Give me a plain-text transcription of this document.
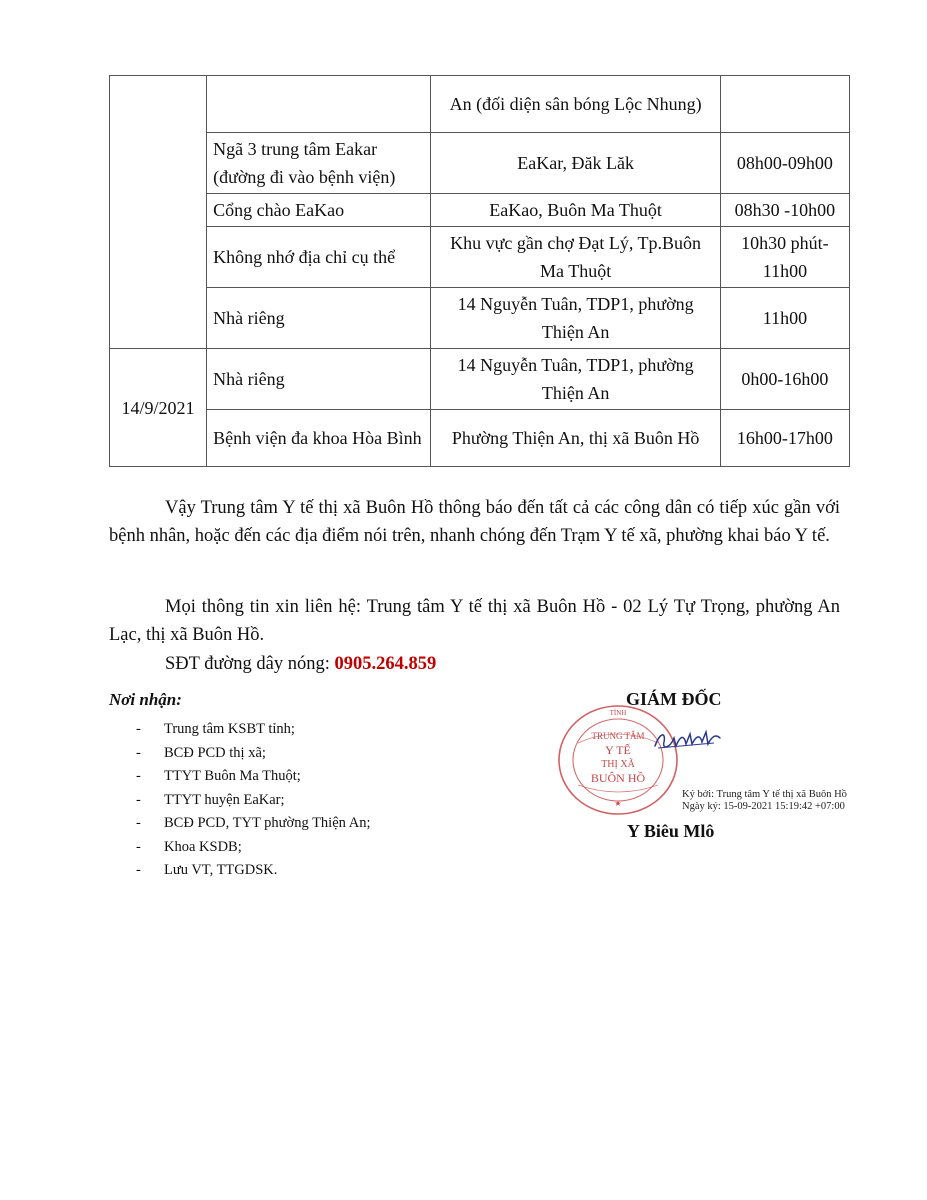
		An (đối diện sân bóng Lộc Nhung)	
	Ngã 3 trung tâm Eakar (đường đi vào bệnh viện)	EaKar, Đăk Lăk	08h00-09h00
	Cổng chào EaKao	EaKao, Buôn Ma Thuột	08h30 -10h00
	Không nhớ địa chỉ cụ thể	Khu vực gần chợ Đạt Lý, Tp.Buôn Ma Thuột	10h30 phút-11h00
	Nhà riêng	14 Nguyễn Tuân, TDP1, phường Thiện An	11h00
14/9/2021	Nhà riêng	14 Nguyễn Tuân, TDP1, phường Thiện An	0h00-16h00
	Bệnh viện đa khoa Hòa Bình	Phường Thiện An, thị xã Buôn Hồ	16h00-17h00

Vậy Trung tâm Y tế thị xã Buôn Hồ thông báo đến tất cả các công dân có tiếp xúc gần với bệnh nhân, hoặc đến các địa điểm nói trên, nhanh chóng đến Trạm Y tế xã, phường khai báo Y tế.

Mọi thông tin xin liên hệ: Trung tâm Y tế thị xã Buôn Hồ - 02 Lý Tự Trọng, phường An Lạc, thị xã Buôn Hồ.

SĐT đường dây nóng: 0905.264.859

Nơi nhận:
- Trung tâm KSBT tỉnh;
- BCĐ PCD thị xã;
- TTYT Buôn Ma Thuột;
- TTYT huyện EaKar;
- BCĐ PCD, TYT phường Thiện An;
- Khoa KSDB;
- Lưu VT, TTGDSK.
TỈNH
TRUNG TÂM
Y TẾ
THỊ XÃ
BUÔN HỒ
★
GIÁM ĐỐC
Ký bởi: Trung tâm Y tế thị xã Buôn Hồ
Ngày ký: 15-09-2021 15:19:42 +07:00
Y Biêu Mlô
